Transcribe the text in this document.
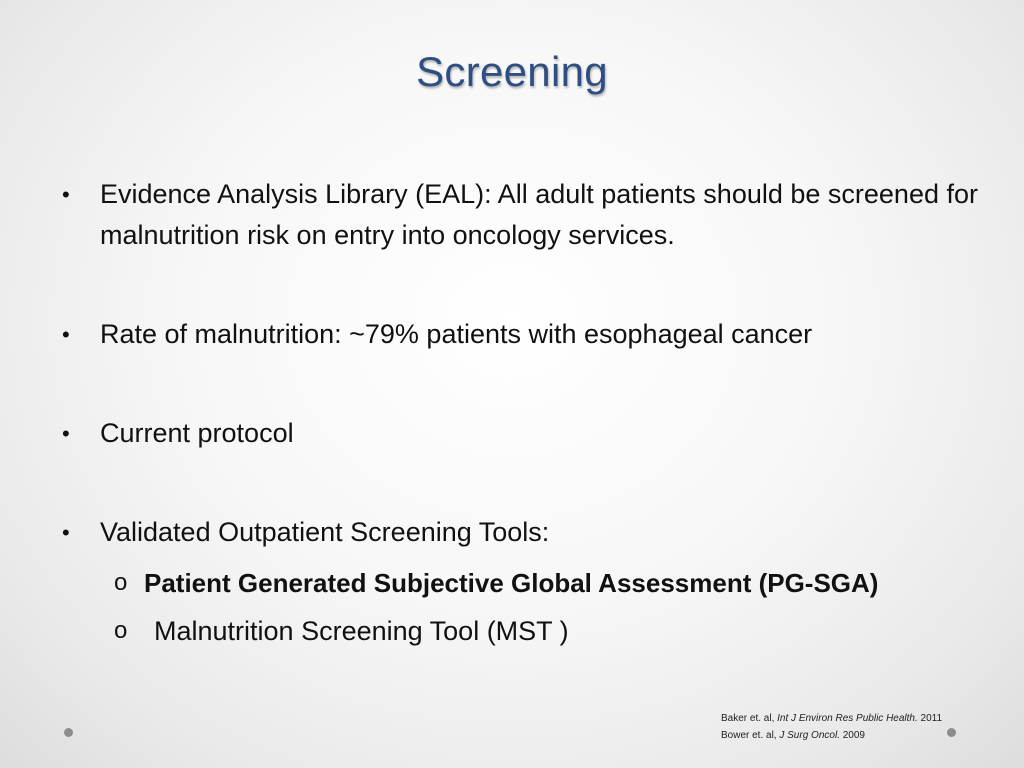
Screening
• Evidence Analysis Library (EAL): All adult patients should be screened for malnutrition risk on entry into oncology services.
• Rate of malnutrition: ~79% patients with esophageal cancer
• Current protocol
• Validated Outpatient Screening Tools:
o Patient Generated Subjective Global Assessment (PG-SGA)
o Malnutrition Screening Tool (MST )
Baker et. al, Int J Environ Res Public Health. 2011
Bower et. al, J Surg Oncol. 2009
